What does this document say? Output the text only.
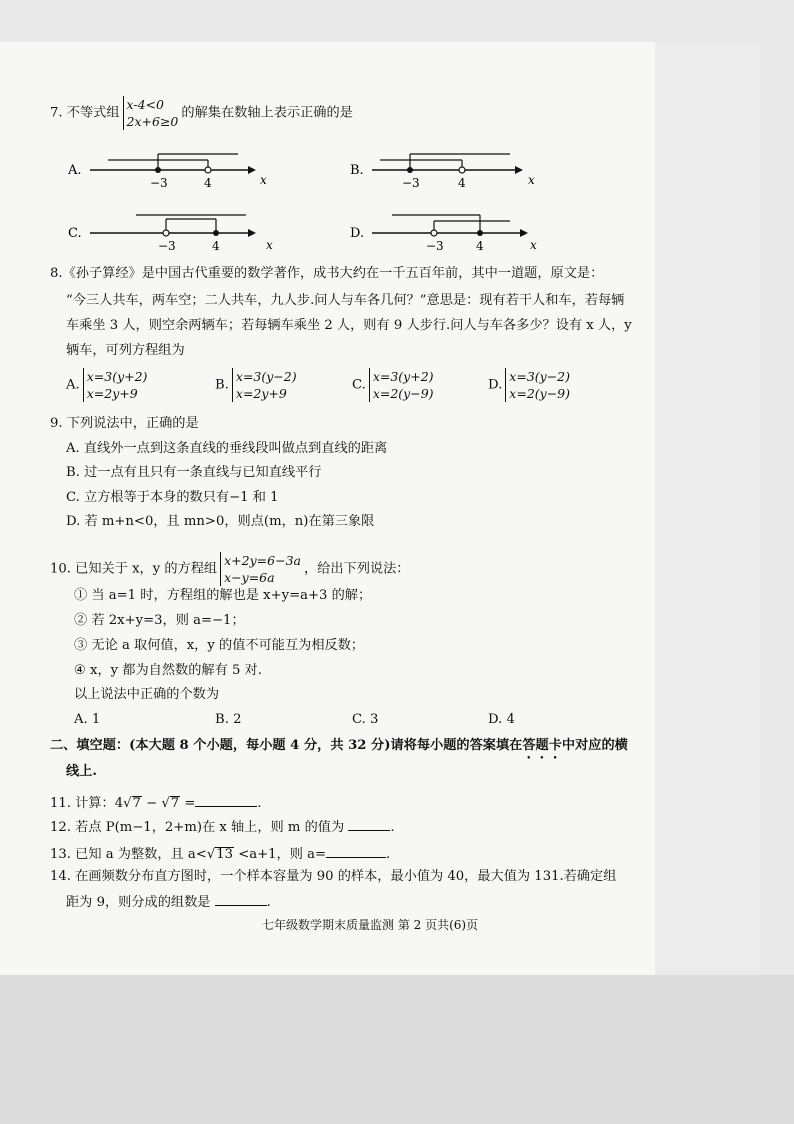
7. 不等式组
x-4<0
2x+6≥0
的解集在数轴上表示正确的是
A.
−3	4	x
B.
−3	4	x
C.
−3	4	x
D.
−3	4	x
8.《孙子算经》是中国古代重要的数学著作，成书大约在一千五百年前，其中一道题，原文是：
“今三人共车，两车空；二人共车，九人步.问人与车各几何？”意思是：现有若干人和车，若每辆
车乘坐 3 人，则空余两辆车；若每辆车乘坐 2 人，则有 9 人步行.问人与车各多少？设有 x 人，y
辆车，可列方程组为
A.
x=3(y+2)
x=2y+9
B.
x=3(y−2)
x=2y+9
C.
x=3(y+2)
x=2(y−9)
D.
x=3(y−2)
x=2(y−9)
9. 下列说法中，正确的是
A. 直线外一点到这条直线的垂线段叫做点到直线的距离
B. 过一点有且只有一条直线与已知直线平行
C. 立方根等于本身的数只有−1 和 1
D. 若 m+n<0，且 mn>0，则点(m，n)在第三象限
10. 已知关于 x，y 的方程组
x+2y=6−3a
x−y=6a
，给出下列说法：
① 当 a=1 时，方程组的解也是 x+y=a+3 的解；
② 若 2x+y=3，则 a=−1；
③ 无论 a 取何值，x，y 的值不可能互为相反数；
④ x，y 都为自然数的解有 5 对.
以上说法中正确的个数为
A. 1	B. 2	C. 3	D. 4
二、填空题：(本大题 8 个小题，每小题 4 分，共 32 分)请将每小题的答案填在答题卡中对应的横
线上.
11. 计算：4√7 − √7 =	.
12. 若点 P(m−1，2+m)在 x 轴上，则 m 的值为	.
13. 已知 a 为整数，且 a<√13 <a+1，则 a=	.
14. 在画频数分布直方图时，一个样本容量为 90 的样本，最小值为 40，最大值为 131.若确定组
距为 9，则分成的组数是	.
七年级数学期末质量监测 第 2 页共(6)页
